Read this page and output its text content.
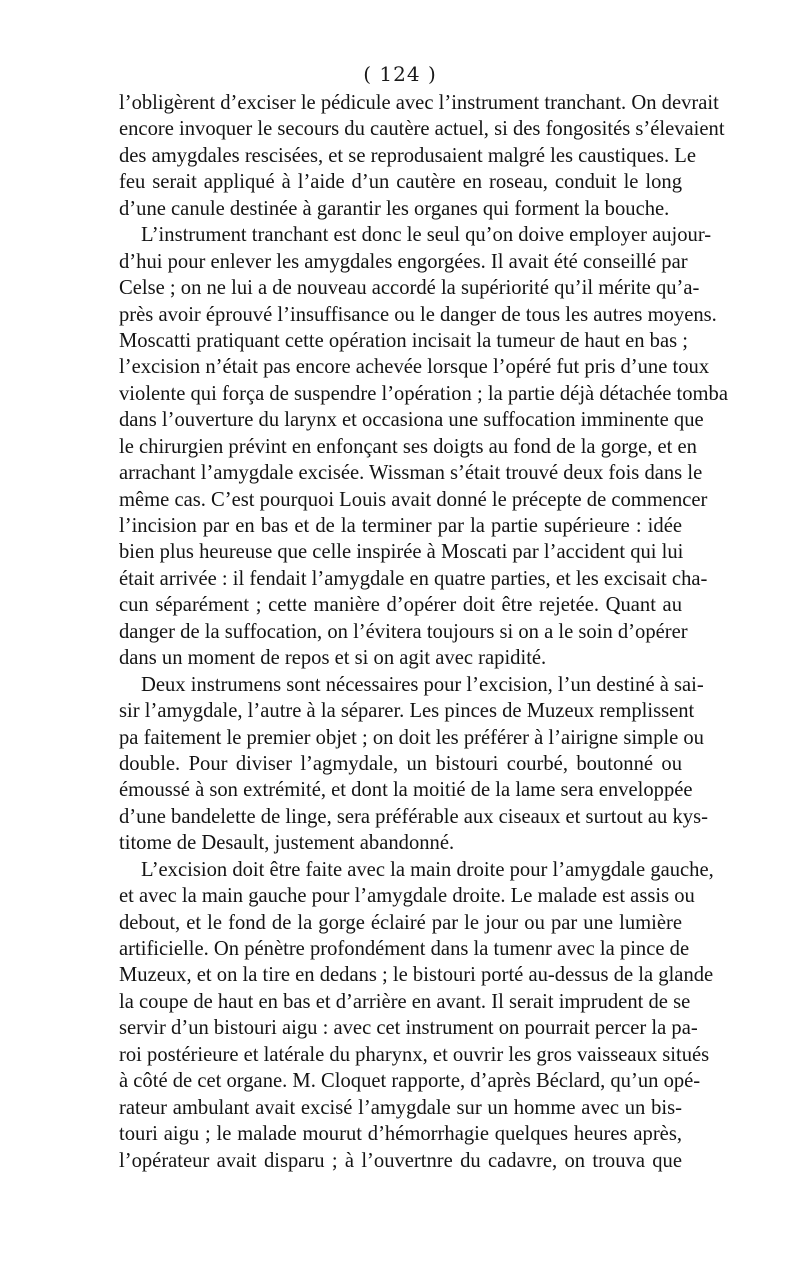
( 124 )
l’obligèrent d’exciser le pédicule avec l’instrument tranchant. On devrait
encore invoquer le secours du cautère actuel, si des fongosités s’élevaient
des amygdales rescisées, et se reprodusaient malgré les caustiques. Le
feu serait appliqué à l’aide d’un cautère en roseau, conduit le long
d’une canule destinée à garantir les organes qui forment la bouche.
L’instrument tranchant est donc le seul qu’on doive employer aujour-
d’hui pour enlever les amygdales engorgées. Il avait été conseillé par
Celse ; on ne lui a de nouveau accordé la supériorité qu’il mérite qu’a-
près avoir éprouvé l’insuffisance ou le danger de tous les autres moyens.
Moscatti pratiquant cette opération incisait la tumeur de haut en bas ;
l’excision n’était pas encore achevée lorsque l’opéré fut pris d’une toux
violente qui força de suspendre l’opération ; la partie déjà détachée tomba
dans l’ouverture du larynx et occasiona une suffocation imminente que
le chirurgien prévint en enfonçant ses doigts au fond de la gorge, et en
arrachant l’amygdale excisée. Wissman s’était trouvé deux fois dans le
même cas. C’est pourquoi Louis avait donné le précepte de commencer
l’incision par en bas et de la terminer par la partie supérieure : idée
bien plus heureuse que celle inspirée à Moscati par l’accident qui lui
était arrivée : il fendait l’amygdale en quatre parties, et les excisait cha-
cun séparément ; cette manière d’opérer doit être rejetée. Quant au
danger de la suffocation, on l’évitera toujours si on a le soin d’opérer
dans un moment de repos et si on agit avec rapidité.
Deux instrumens sont nécessaires pour l’excision, l’un destiné à sai-
sir l’amygdale, l’autre à la séparer. Les pinces de Muzeux remplissent
pa faitement le premier objet ; on doit les préférer à l’airigne simple ou
double. Pour diviser l’agmydale, un bistouri courbé, boutonné ou
émoussé à son extrémité, et dont la moitié de la lame sera enveloppée
d’une bandelette de linge, sera préférable aux ciseaux et surtout au kys-
titome de Desault, justement abandonné.
L’excision doit être faite avec la main droite pour l’amygdale gauche,
et avec la main gauche pour l’amygdale droite. Le malade est assis ou
debout, et le fond de la gorge éclairé par le jour ou par une lumière
artificielle. On pénètre profondément dans la tumenr avec la pince de
Muzeux, et on la tire en dedans ; le bistouri porté au-dessus de la glande
la coupe de haut en bas et d’arrière en avant. Il serait imprudent de se
servir d’un bistouri aigu : avec cet instrument on pourrait percer la pa-
roi postérieure et latérale du pharynx, et ouvrir les gros vaisseaux situés
à côté de cet organe. M. Cloquet rapporte, d’après Béclard, qu’un opé-
rateur ambulant avait excisé l’amygdale sur un homme avec un bis-
touri aigu ; le malade mourut d’hémorrhagie quelques heures après,
l’opérateur avait disparu ; à l’ouvertnre du cadavre, on trouva que
